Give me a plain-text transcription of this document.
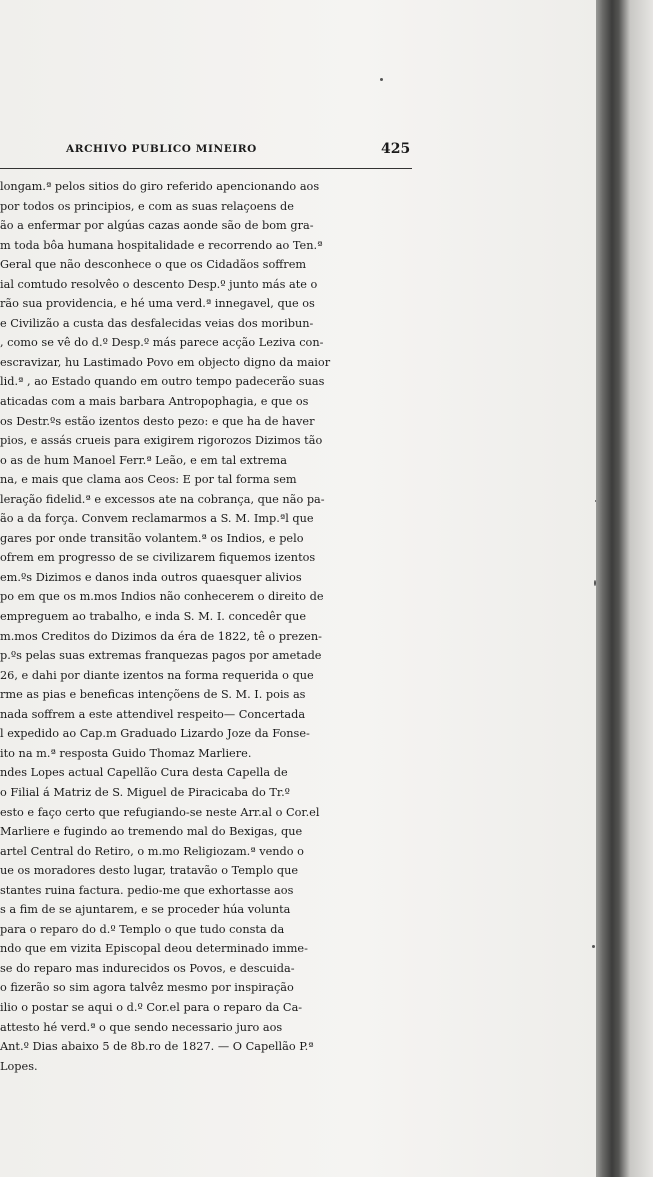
ARCHIVO PUBLICO MINEIRO	425
longam.ª pelos sitios do giro referido apencionando aos
por todos os principios, e com as suas relaçoens de
ão a enfermar por algúas cazas aonde são de bom gra-
m toda bôa humana hospitalidade e recorrendo ao Ten.ª
Geral que não desconhece o que os Cidadãos soffrem
ial comtudo resolvêo o descento Desp.º junto más ate o
rão sua providencia, e hé uma verd.ª innegavel, que os
e Civilizão a custa das desfalecidas veias dos moribun-
, como se vê do d.º Desp.º más parece acção Leziva con-
escravizar, hu Lastimado Povo em objecto digno da maior
lid.ª , ao Estado quando em outro tempo padecerão suas
aticadas com a mais barbara Antropophagia, e que os
os Destr.ºs estão izentos desto pezo: e que ha de haver
pios, e assás crueis para exigirem rigorozos Dizimos tão
o as de hum Manoel Ferr.ª Leão, e em tal extrema
na, e mais que clama aos Ceos: E por tal forma sem
leração fidelid.ª e excessos ate na cobrança, que não pa-
ão a da força. Convem reclamarmos a S. M. Imp.ªl que
gares por onde transitão volantem.ª os Indios, e pelo
ofrem em progresso de se civilizarem fiquemos izentos
em.ºs Dizimos e danos inda outros quaesquer alivios
po em que os m.mos Indios não conhecerem o direito de
empreguem ao trabalho, e inda S. M. I. concedêr que
m.mos Creditos do Dizimos da éra de 1822, tê o prezen-
p.ºs pelas suas extremas franquezas pagos por ametade
26, e dahi por diante izentos na forma requerida o que
rme as pias e beneficas intençõens de S. M. I. pois as
nada soffrem a este attendivel respeito— Concertada
l expedido ao Cap.m Graduado Lizardo Joze da Fonse-
ito na m.ª resposta Guido Thomaz Marliere.
ndes Lopes actual Capellão Cura desta Capella de
o Filial á Matriz de S. Miguel de Piracicaba do Tr.º
esto e faço certo que refugiando-se neste Arr.al o Cor.el
Marliere e fugindo ao tremendo mal do Bexigas, que
artel Central do Retiro, o m.mo Religiozam.ª vendo o
ue os moradores desto lugar, tratavão o Templo que
stantes ruina factura. pedio-me que exhortasse aos
s a fim de se ajuntarem, e se proceder húa volunta
para o reparo do d.º Templo o que tudo consta da
ndo que em vizita Episcopal deou determinado imme-
se do reparo mas indurecidos os Povos, e descuida-
o fizerão so sim agora talvêz mesmo por inspiração
ilio o postar se aqui o d.º Cor.el para o reparo da Ca-
attesto hé verd.ª o que sendo necessario juro aos
Ant.º Dias abaixo 5 de 8b.ro de 1827. — O Capellão P.ª
Lopes.
